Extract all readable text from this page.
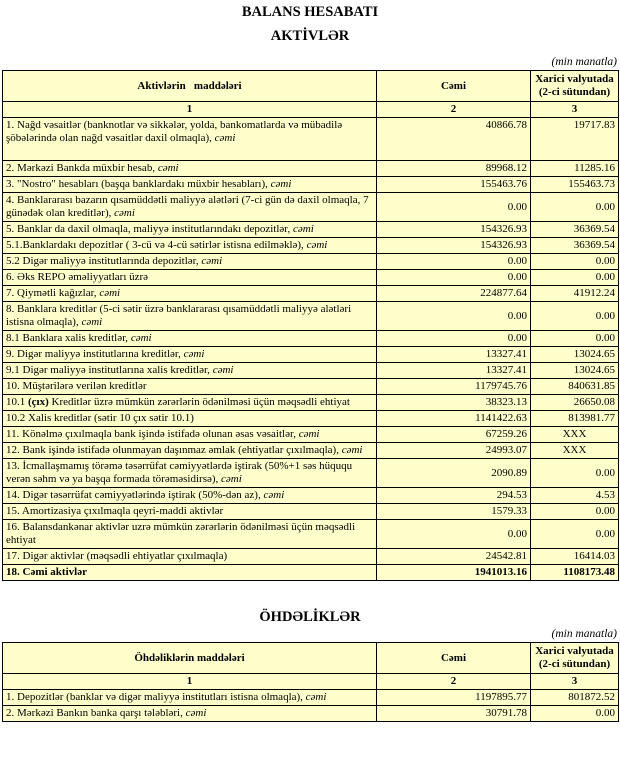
BALANS HESABATI
AKTİVLƏR
(min manatla)
Aktivlərin   maddələri	Cəmi	Xarici valyutada (2-ci sütundan)
1	2	3
1. Nağd vəsaitlər (banknotlar və sikkələr, yolda, bankomatlarda və mübadilə şöbələrində olan nağd vəsaitlər daxil olmaqla), cəmi	40866.78	19717.83
2. Mərkəzi Bankda müxbir hesab, cəmi	89968.12	11285.16
3. "Nostro" hesabları (başqa banklardakı müxbir hesabları), cəmi	155463.76	155463.73
4. Banklararası bazarın qısamüddətli maliyyə alətləri (7-ci gün də daxil olmaqla, 7 günədək olan kreditlər), cəmi	0.00	0.00
5. Banklar da daxil olmaqla, maliyyə institutlarındakı depozitlər, cəmi	154326.93	36369.54
5.1.Banklardakı depozitlər ( 3-cü və 4-cü sətirlər istisna edilməklə), cəmi	154326.93	36369.54
5.2 Digər maliyyə institutlarında depozitlər, cəmi	0.00	0.00
6. Əks REPO əməliyyatları üzrə	0.00	0.00
7. Qiymətli kağızlar, cəmi	224877.64	41912.24
8. Banklara kreditlər (5-ci sətir üzrə banklararası qısamüddətli maliyyə alətləri istisna olmaqla), cəmi	0.00	0.00
8.1 Banklara xalis kreditlər, cəmi	0.00	0.00
9. Digər maliyyə institutlarına kreditlər, cəmi	13327.41	13024.65
9.1 Digər maliyyə institutlarına xalis kreditlər, cəmi	13327.41	13024.65
10. Müştərilərə verilən kreditlər	1179745.76	840631.85
10.1 (çıx) Kreditlər üzrə mümkün zərərlərin ödənilməsi üçün məqsədli ehtiyat	38323.13	26650.08
10.2 Xalis kreditlər (sətir 10 çıx sətir 10.1)	1141422.63	813981.77
11. Könəlmə çıxılmaqla bank işində istifadə olunan əsas vəsaitlər, cəmi	67259.26	XXX
12. Bank işində istifadə olunmayan daşınmaz əmlak (ehtiyatlar çıxılmaqla), cəmi	24993.07	XXX
13. İcmallaşmamış törəmə təsərrüfat cəmiyyətlərdə iştirak (50%+1 səs hüququ verən səhm və ya başqa formada törəməsidirsə), cəmi	2090.89	0.00
14. Digər təsərrüfat cəmiyyətlərində iştirak (50%-dən az), cəmi	294.53	4.53
15. Amortizasiya çıxılmaqla qeyri-maddi aktivlər	1579.33	0.00
16. Balansdankənar aktivlər uzrə mümkün zərərlərin ödənilməsi üçün məqsədli ehtiyat	0.00	0.00
17. Digər aktivlər (məqsədli ehtiyatlar çıxılmaqla)	24542.81	16414.03
18. Cəmi aktivlər	1941013.16	1108173.48
ÖHDƏLİKLƏR
(min manatla)
Öhdəliklərin maddələri	Cəmi	Xarici valyutada (2-ci sütundan)
1	2	3
1. Depozitlər (banklar və digər maliyyə institutları istisna olmaqla), cəmi	1197895.77	801872.52
2. Mərkəzi Bankın banka qarşı tələbləri, cəmi	30791.78	0.00
